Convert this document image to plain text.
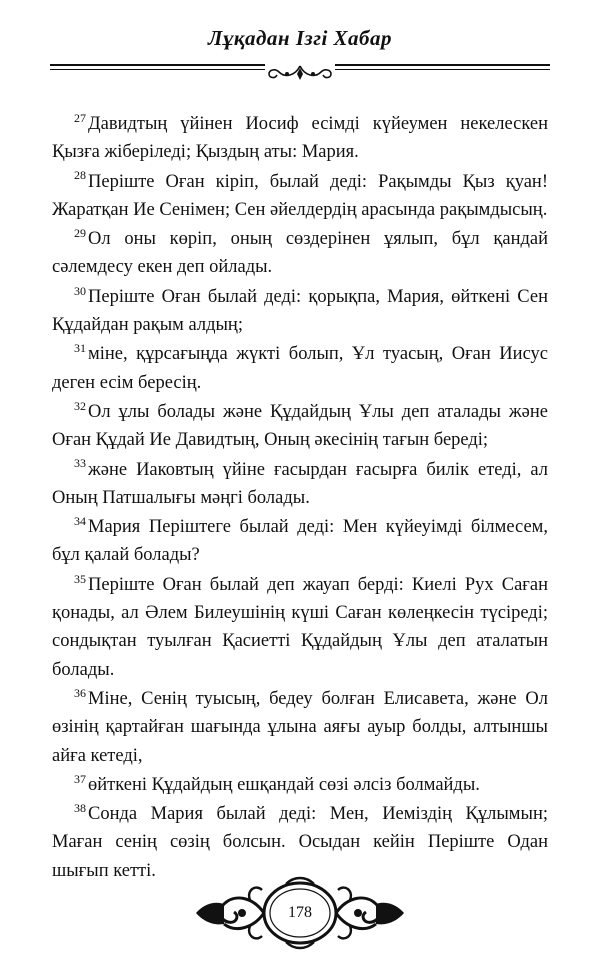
Лұқадан Ізгі Хабар

$^{27}$ Давидтың үйінен Иосиф есімді күйеумен некелескен Қызға жіберіледі; Қыздың аты: Мария.

$^{28}$ Періште Оған кіріп, былай деді: Рақымды Қыз қуан! Жаратқан Ие Сенімен; Сен әйелдердің арасында рақымдысың.

$^{29}$ Ол оны көріп, оның сөздерінен ұялып, бұл қандай сәлемдесу екен деп ойлады.

$^{30}$ Періште Оған былай деді: қорықпа, Мария, өйткені Сен Құдайдан рақым алдың;

$^{31}$ міне, құрсағыңда жүкті болып, Ұл туасың, Оған Иисус деген есім бересің.

$^{32}$ Ол ұлы болады және Құдайдың Ұлы деп аталады және Оған Құдай Ие Давидтың, Оның әкесінің тағын береді;

$^{33}$ және Иаковтың үйіне ғасырдан ғасырға билік етеді, ал Оның Патшалығы мәңгі болады.

$^{34}$ Мария Періштеге былай деді: Мен күйеуімді білмесем, бұл қалай болады?

$^{35}$ Періште Оған былай деп жауап берді: Киелі Рух Саған қонады, ал Әлем Билеушінің күші Саған көлеңкесін түсіреді; сондықтан туылған Қасиетті Құдайдың Ұлы деп аталатын болады.

$^{36}$ Міне, Сенің туысың, бедеу болған Елисавета, және Ол өзінің қартайған шағында ұлына аяғы ауыр болды, алтыншы айға кетеді,

$^{37}$ өйткені Құдайдың ешқандай сөзі әлсіз болмайды.

$^{38}$ Сонда Мария былай деді: Мен, Иемiздiң Құлымын; Маған сенің сөзің болсын. Осыдан кейін Періште Одан шығып кетті.

178
